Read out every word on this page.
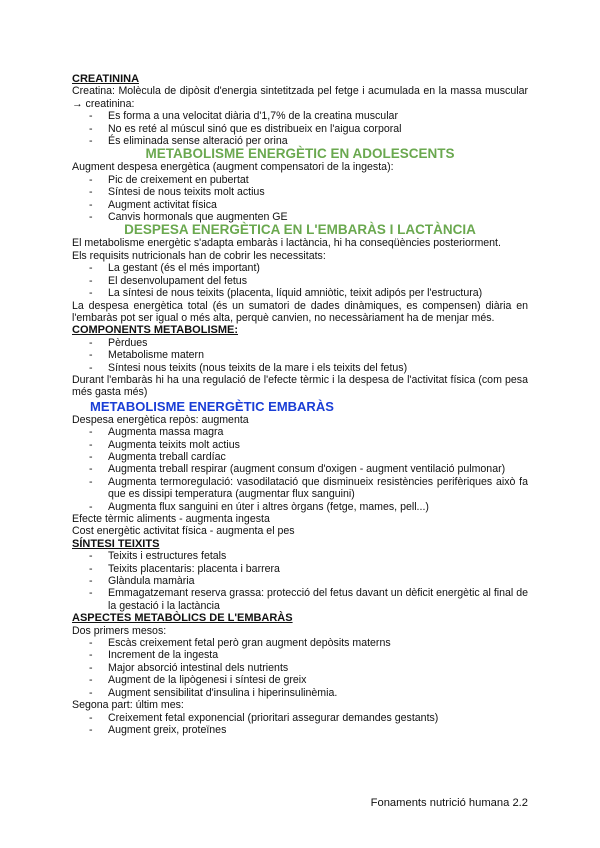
CREATININA

Creatina: Molècula de dipòsit d'energia sintetitzada pel fetge i acumulada en la massa muscular → creatinina:

- Es forma a una velocitat diària d'1,7% de la creatina muscular
- No es reté al múscul sinó que es distribueix en l'aigua corporal
- És eliminada sense alteració per orina

METABOLISME ENERGÈTIC EN ADOLESCENTS

Augment despesa energètica (augment compensatori de la ingesta):

- Pic de creixement en pubertat
- Síntesi de nous teixits molt actius
- Augment activitat física
- Canvis hormonals que augmenten GE

DESPESA ENERGÈTICA EN L'EMBARÀS I LACTÀNCIA

El metabolisme energètic s'adapta embaràs i lactància, hi ha conseqüències posteriorment.

Els requisits nutricionals han de cobrir les necessitats:

- La gestant (és el més important)
- El desenvolupament del fetus
- La síntesi de nous teixits (placenta, líquid amniòtic, teixit adipós per l'estructura)

La despesa energètica total (és un sumatori de dades dinàmiques, es compensen) diària en l'embaràs pot ser igual o més alta, perquè canvien, no necessàriament ha de menjar més.

COMPONENTS METABOLISME:

- Pèrdues
- Metabolisme matern
- Síntesi nous teixits (nous teixits de la mare i els teixits del fetus)

Durant l'embaràs hi ha una regulació de l'efecte tèrmic i la despesa de l'activitat física (com pesa més gasta més)

METABOLISME ENERGÈTIC EMBARÀS

Despesa energètica repòs: augmenta

- Augmenta massa magra
- Augmenta teixits molt actius
- Augmenta treball cardíac
- Augmenta treball respirar (augment consum d'oxigen - augment ventilació pulmonar)
- Augmenta termoregulació: vasodilatació que disminueix resistències perifèriques això fa que es dissipi temperatura (augmentar flux sanguini)
- Augmenta flux sanguini en úter i altres òrgans (fetge, mames, pell...)

Efecte tèrmic aliments - augmenta ingesta

Cost energètic activitat física - augmenta el pes

SÍNTESI TEIXITS

- Teixits i estructures fetals
- Teixits placentaris: placenta i barrera
- Glàndula mamària
- Emmagatzemant reserva grassa: protecció del fetus davant un dèficit energètic al final de la gestació i la lactància

ASPECTES METABÒLICS DE L'EMBARÀS

Dos primers mesos:

- Escàs creixement fetal però gran augment depòsits materns
- Increment de la ingesta
- Major absorció intestinal dels nutrients
- Augment de la lipògenesi i síntesi de greix
- Augment sensibilitat d'insulina i hiperinsulinèmia.

Segona part: últim mes:

- Creixement fetal exponencial (prioritari assegurar demandes gestants)
- Augment greix, proteïnes
Fonaments nutrició humana 2.2
